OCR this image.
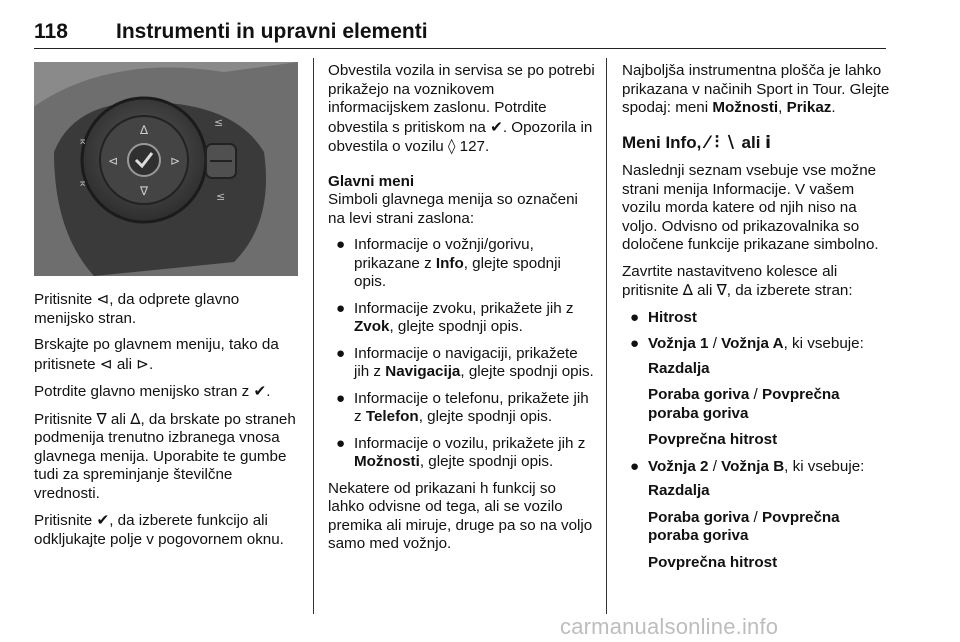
118 Instrumenti in upravni elementi
∆
∇
⊲	⊳
≤
≤
⌅
⌅

Pritisnite ⊲, da odprete glavno menijsko stran.

Brskajte po glavnem meniju, tako da pritisnete ⊲ ali ⊳.

Potrdite glavno menijsko stran z ✔.

Pritisnite ∇ ali ∆, da brskate po straneh podmenija trenutno izbranega vnosa glavnega menija. Uporabite te gumbe tudi za spreminjanje številčne vrednosti.

Pritisnite ✔, da izberete funkcijo ali odkljukajte polje v pogovornem oknu.

Obvestila vozila in servisa se po potrebi prikažejo na voznikovem informacijskem zaslonu. Potrdite obvestila s pritiskom na ✔. Opozorila in obvestila o vozilu ◊ 127.

Glavni meni

Simboli glavnega menija so označeni na levi strani zaslona:

● Informacije o vožnji/gorivu, prikazane z Info, glejte spodnji opis.
● Informacije zvoku, prikažete jih z Zvok, glejte spodnji opis.
● Informacije o navigaciji, prikažete jih z Navigacija, glejte spodnji opis.
● Informacije o telefonu, prikažete jih z Telefon, glejte spodnji opis.
● Informacije o vozilu, prikažete jih z Možnosti, glejte spodnji opis.

Nekatere od prikazani h funkcij so lahko odvisne od tega, ali se vozilo premika ali miruje, druge pa so na voljo samo med vožnjo.

Najboljša instrumentna plošča je lahko prikazana v načinih Sport in Tour. Glejte spodaj: meni Možnosti, Prikaz.

Meni Info, ⁄ ⫶ ∖ ali ⅰ

Naslednji seznam vsebuje vse možne strani menija Informacije. V vašem vozilu morda katere od njih niso na voljo. Odvisno od prikazovalnika so določene funkcije prikazane simbolno.

Zavrtite nastavitveno kolesce ali pritisnite ∆ ali ∇, da izberete stran:

● Hitrost
● Vožnja 1 / Vožnja A, ki vsebuje:

Razdalja

Poraba goriva / Povprečna poraba goriva

Povprečna hitrost

● Vožnja 2 / Vožnja B, ki vsebuje:

Razdalja

Poraba goriva / Povprečna poraba goriva

Povprečna hitrost

carmanualsonline.info
